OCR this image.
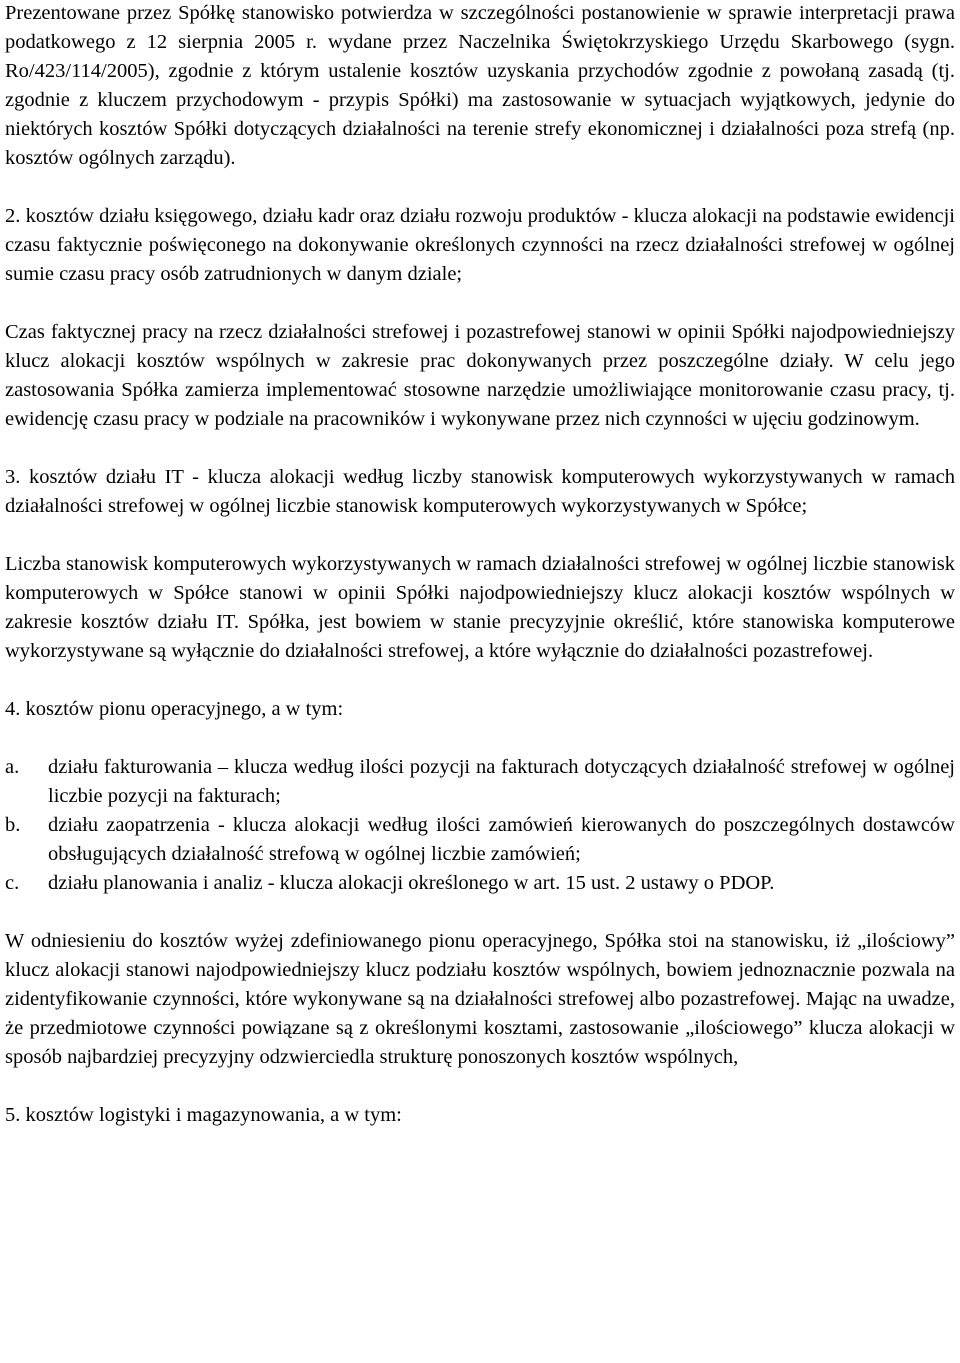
Prezentowane przez Spółkę stanowisko potwierdza w szczególności postanowienie w sprawie interpretacji prawa podatkowego z 12 sierpnia 2005 r. wydane przez Naczelnika Świętokrzyskiego Urzędu Skarbowego (sygn. Ro/423/114/2005), zgodnie z którym ustalenie kosztów uzyskania przychodów zgodnie z powołaną zasadą (tj. zgodnie z kluczem przychodowym - przypis Spółki) ma zastosowanie w sytuacjach wyjątkowych, jedynie do niektórych kosztów Spółki dotyczących działalności na terenie strefy ekonomicznej i działalności poza strefą (np. kosztów ogólnych zarządu).

2. kosztów działu księgowego, działu kadr oraz działu rozwoju produktów - klucza alokacji na podstawie ewidencji czasu faktycznie poświęconego na dokonywanie określonych czynności na rzecz działalności strefowej w ogólnej sumie czasu pracy osób zatrudnionych w danym dziale;

Czas faktycznej pracy na rzecz działalności strefowej i pozastrefowej stanowi w opinii Spółki najodpowiedniejszy klucz alokacji kosztów wspólnych w zakresie prac dokonywanych przez poszczególne działy. W celu jego zastosowania Spółka zamierza implementować stosowne narzędzie umożliwiające monitorowanie czasu pracy, tj. ewidencję czasu pracy w podziale na pracowników i wykonywane przez nich czynności w ujęciu godzinowym.

3. kosztów działu IT - klucza alokacji według liczby stanowisk komputerowych wykorzystywanych w ramach działalności strefowej w ogólnej liczbie stanowisk komputerowych wykorzystywanych w Spółce;

Liczba stanowisk komputerowych wykorzystywanych w ramach działalności strefowej w ogólnej liczbie stanowisk komputerowych w Spółce stanowi w opinii Spółki najodpowiedniejszy klucz alokacji kosztów wspólnych w zakresie kosztów działu IT. Spółka, jest bowiem w stanie precyzyjnie określić, które stanowiska komputerowe wykorzystywane są wyłącznie do działalności strefowej, a które wyłącznie do działalności pozastrefowej.

4. kosztów pionu operacyjnego, a w tym:

a. działu fakturowania – klucza według ilości pozycji na fakturach dotyczących działalność strefowej w ogólnej liczbie pozycji na fakturach;
b. działu zaopatrzenia - klucza alokacji według ilości zamówień kierowanych do poszczególnych dostawców obsługujących działalność strefową w ogólnej liczbie zamówień;
c. działu planowania i analiz - klucza alokacji określonego w art. 15 ust. 2 ustawy o PDOP.

W odniesieniu do kosztów wyżej zdefiniowanego pionu operacyjnego, Spółka stoi na stanowisku, iż „ilościowy” klucz alokacji stanowi najodpowiedniejszy klucz podziału kosztów wspólnych, bowiem jednoznacznie pozwala na zidentyfikowanie czynności, które wykonywane są na działalności strefowej albo pozastrefowej. Mając na uwadze, że przedmiotowe czynności powiązane są z określonymi kosztami, zastosowanie „ilościowego” klucza alokacji w sposób najbardziej precyzyjny odzwierciedla strukturę ponoszonych kosztów wspólnych,

5. kosztów logistyki i magazynowania, a w tym:
